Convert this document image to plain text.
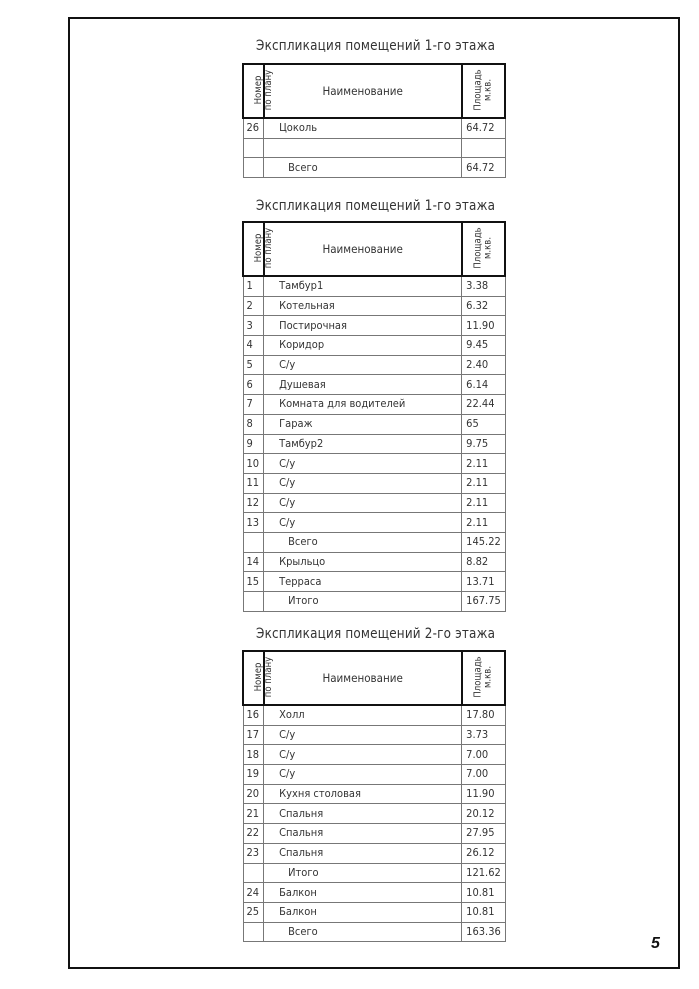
Экспликация помещений 1-го этажа
Номер
по плану	Наименование	Площадь
м.кв.
26	Цоколь	64.72

	Всего	64.72
Экспликация помещений 1-го этажа
Номер
по плану	Наименование	Площадь
м.кв.
1	Тамбур1	3.38
2	Котельная	6.32
3	Постирочная	11.90
4	Коридор	9.45
5	С/у	2.40
6	Душевая	6.14
7	Комната для водителей	22.44
8	Гараж	65
9	Тамбур2	9.75
10	С/у	2.11
11	С/у	2.11
12	С/у	2.11
13	С/у	2.11
	Всего	145.22
14	Крыльцо	8.82
15	Терраса	13.71
	Итого	167.75
Экспликация помещений 2-го этажа
Номер
по плану	Наименование	Площадь
м.кв.
16	Холл	17.80
17	С/у	3.73
18	С/у	7.00
19	С/у	7.00
20	Кухня столовая	11.90
21	Спальня	20.12
22	Спальня	27.95
23	Спальня	26.12
	Итого	121.62
24	Балкон	10.81
25	Балкон	10.81
	Всего	163.36
5
